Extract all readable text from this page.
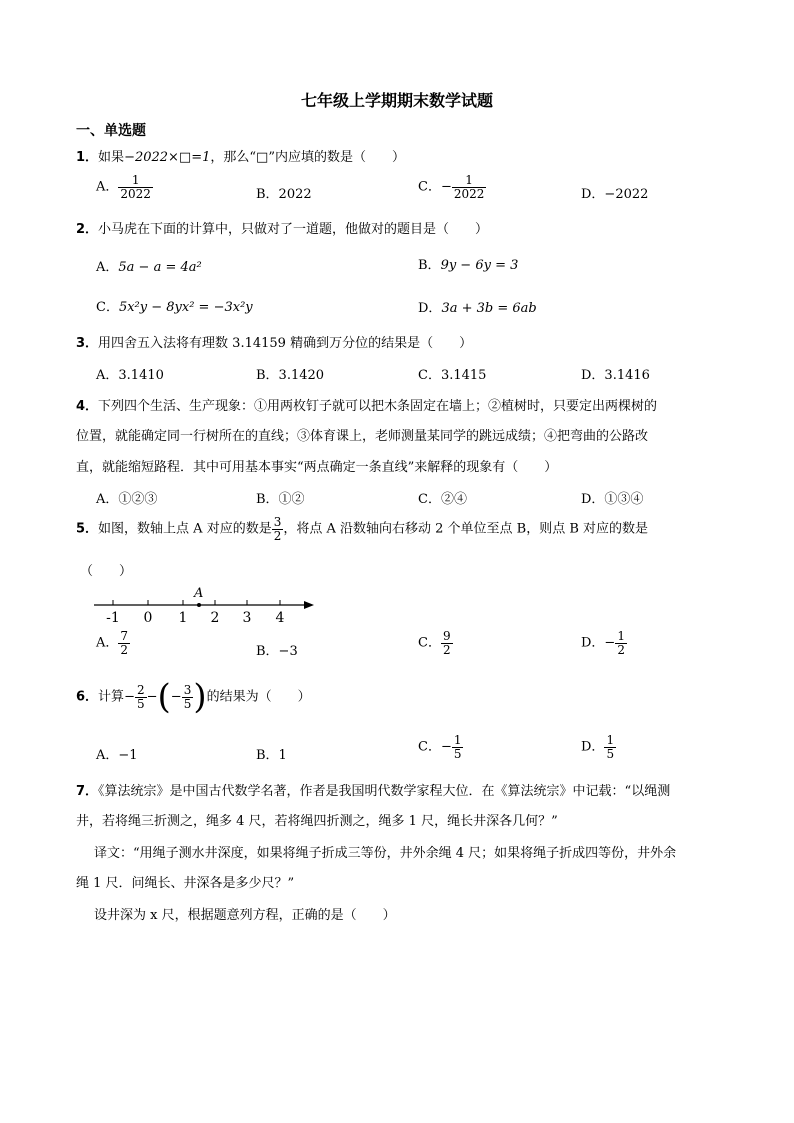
七年级上学期期末数学试题
一、单选题
1．如果−2022×□=1，那么“□”内应填的数是（　　）
A． $\frac{1}{2022}$	B．2022	C．− $\frac{1}{2022}$	D．−2022
2．小马虎在下面的计算中，只做对了一道题，他做对的题目是（　　）
A．5a − a = 4a²	B．9y − 6y = 3
C．5x²y − 8yx² = −3x²y	D．3a + 3b = 6ab
3．用四舍五入法将有理数 3.14159 精确到万分位的结果是（　　）
A．3.1410	B．3.1420	C．3.1415	D．3.1416
4．下列四个生活、生产现象：①用两枚钉子就可以把木条固定在墙上；②植树时，只要定出两棵树的
位置，就能确定同一行树所在的直线；③体育课上，老师测量某同学的跳远成绩；④把弯曲的公路改
直，就能缩短路程．其中可用基本事实“两点确定一条直线”来解释的现象有（　　）
A．①②③	B．①②	C．②④	D．①③④
5．如图，数轴上点 A 对应的数是 $\frac{3}{2}$ ，将点 A 沿数轴向右移动 2 个单位至点 B，则点 B 对应的数是
（　　）
A
-1 0 1 2 3 4
A． $\frac{7}{2}$	B．−3
C． $\frac{9}{2}$	D．− $\frac{1}{2}$
6．计算− $\frac{2}{5}$ −(− $\frac{3}{5}$ )的结果为（　　）
A．−1	B．1
C．− $\frac{1}{5}$	D． $\frac{1}{5}$
7．《算法统宗》是中国古代数学名著，作者是我国明代数学家程大位．在《算法统宗》中记载：“以绳测
井，若将绳三折测之，绳多 4 尺，若将绳四折测之，绳多 1 尺，绳长井深各几何？”
译文：“用绳子测水井深度，如果将绳子折成三等份，井外余绳 4 尺；如果将绳子折成四等份，井外余
绳 1 尺．问绳长、井深各是多少尺？”
设井深为 x 尺，根据题意列方程，正确的是（　　）
